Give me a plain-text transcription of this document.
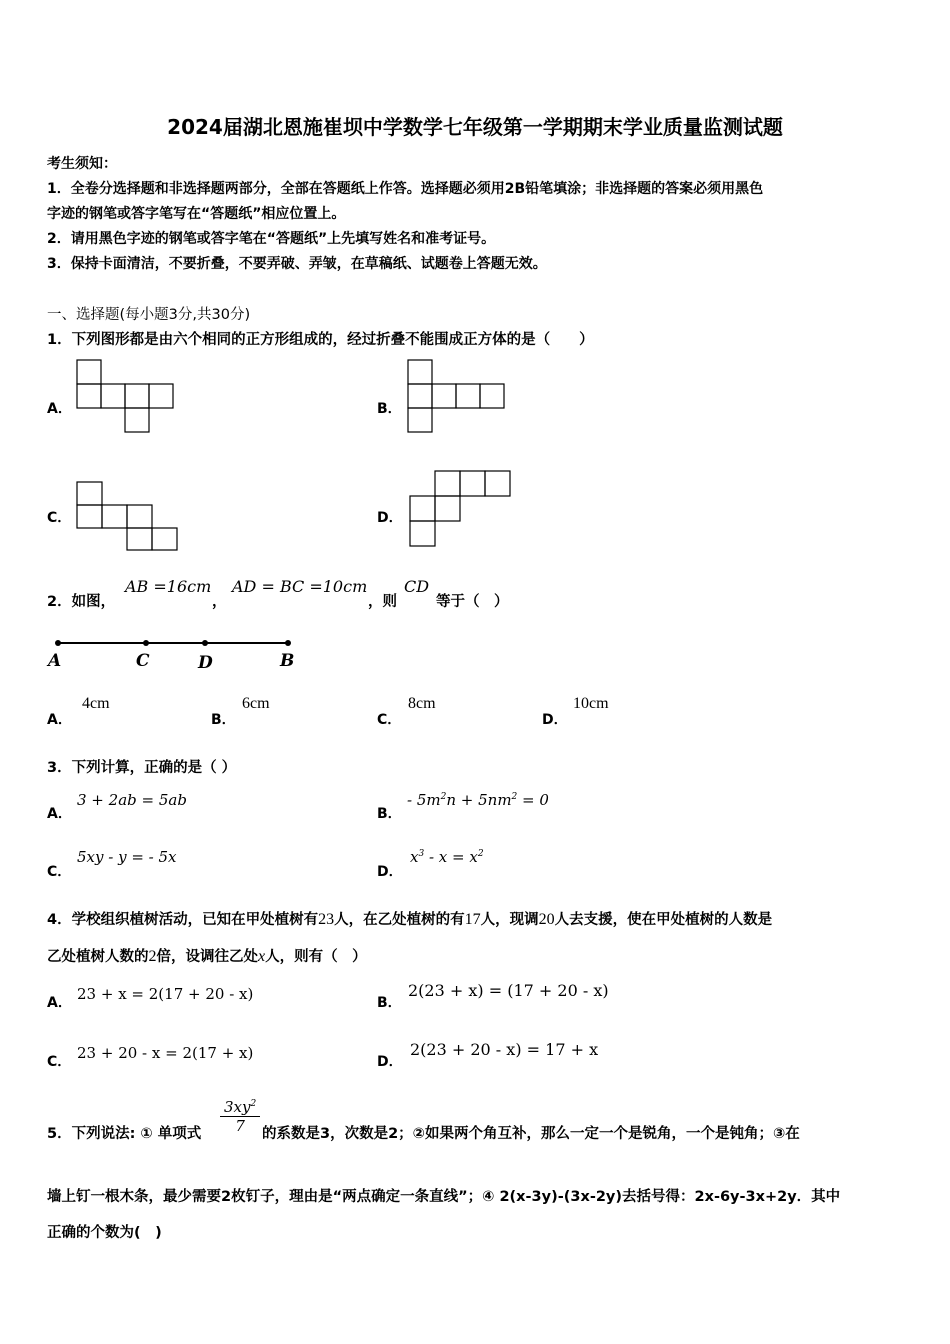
2024届湖北恩施崔坝中学数学七年级第一学期期末学业质量监测试题
考生须知：
1．全卷分选择题和非选择题两部分，全部在答题纸上作答。选择题必须用2B铅笔填涂；非选择题的答案必须用黑色
字迹的钢笔或答字笔写在“答题纸”相应位置上。
2．请用黑色字迹的钢笔或答字笔在“答题纸”上先填写姓名和准考证号。
3．保持卡面清洁，不要折叠，不要弄破、弄皱，在草稿纸、试题卷上答题无效。
一、选择题(每小题3分,共30分)
1．下列图形都是由六个相同的正方形组成的，经过折叠不能围成正方体的是（　　）
A．	B．
C．	D．
2．如图，
AB =16cm
，
AD = BC =10cm
，则
CD
等于（　）
A	C	D	B
A．
4cm
B．
6cm
C．
8cm
D．
10cm
3．下列计算，正确的是（ ）
A．
3 + 2ab = 5ab
B．
- $5m^2n + 5nm^2 = 0$
C．
5xy - y = - 5x
D．
$x^3 - x = x^2$
4．学校组织植树活动，已知在甲处植树有23人，在乙处植树的有17人，现调20人去支援，使在甲处植树的人数是
乙处植树人数的2倍，设调往乙处x人，则有（　）
A． 23 + x = 2(17 + 20 - x)	B．
2(23 + x) = (17 + 20 - x)
C． 23 + 20 - x = 2(17 + x)	D．
2(23 + 20 - x) = 17 + x
5．下列说法: ① 单项式 $\frac{3xy^2}{7}$ 的系数是3，次数是2；②如果两个角互补，那么一定一个是锐角，一个是钝角；③在
墙上钉一根木条，最少需要2枚钉子，理由是“两点确定一条直线”；④ 2(x-3y)-(3x-2y)去括号得：2x-6y-3x+2y．其中
正确的个数为(　)
